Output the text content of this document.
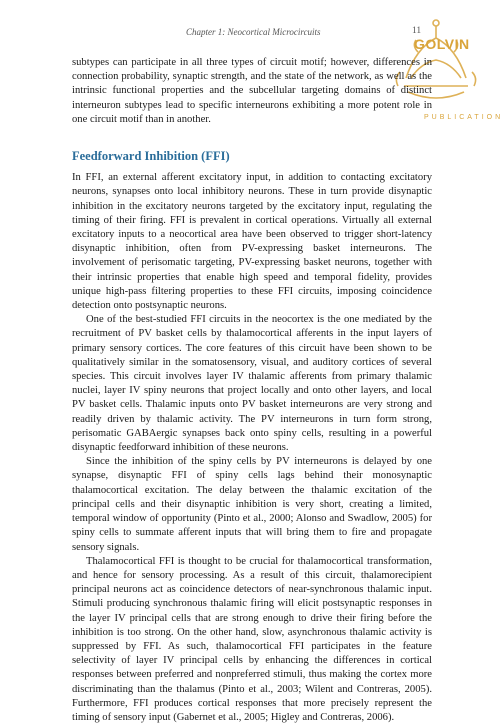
Chapter 1: Neocortical Microcircuits	11
GOLVIN
PUBLICATION

subtypes can participate in all three types of circuit motif; however, differences in connection probability, synaptic strength, and the state of the network, as well as the intrinsic functional properties and the subcellular targeting domains of distinct interneuron subtypes lead to specific interneurons exhibiting a more potent role in one circuit motif than in another.

Feedforward Inhibition (FFI)

In FFI, an external afferent excitatory input, in addition to contacting excitatory neurons, synapses onto local inhibitory neurons. These in turn provide disynaptic inhibition in the excitatory neurons targeted by the excitatory input, regulating the timing of their firing. FFI is prevalent in cortical operations. Virtually all external excitatory inputs to a neocortical area have been observed to trigger short-latency disynaptic inhibition, often from PV-expressing basket interneurons. The involvement of perisomatic targeting, PV-expressing basket neurons, together with their intrinsic properties that enable high speed and temporal fidelity, provides unique high-pass filtering properties to these FFI circuits, imposing coincidence detection onto postsynaptic neurons.

One of the best-studied FFI circuits in the neocortex is the one mediated by the recruitment of PV basket cells by thalamocortical afferents in the input layers of primary sensory cortices. The core features of this circuit have been shown to be qualitatively similar in the somatosensory, visual, and auditory cortices of several species. This circuit involves layer IV thalamic afferents from primary thalamic nuclei, layer IV spiny neurons that project locally and onto other layers, and local PV basket cells. Thalamic inputs onto PV basket interneurons are very strong and readily driven by thalamic activity. The PV interneurons in turn form strong, perisomatic GABAergic synapses back onto spiny cells, resulting in a powerful disynaptic feedforward inhibition of these neurons.

Since the inhibition of the spiny cells by PV interneurons is delayed by one synapse, disynaptic FFI of spiny cells lags behind their monosynaptic thalamocortical excitation. The delay between the thalamic excitation of the principal cells and their disynaptic inhibition is very short, creating a limited, temporal window of opportunity (Pinto et al., 2000; Alonso and Swadlow, 2005) for spiny cells to summate afferent inputs that will bring them to fire and propagate sensory signals.

Thalamocortical FFI is thought to be crucial for thalamocortical transformation, and hence for sensory processing. As a result of this circuit, thalamorecipient principal neurons act as coincidence detectors of near-synchronous thalamic input. Stimuli producing synchronous thalamic firing will elicit postsynaptic responses in the layer IV principal cells that are strong enough to drive their firing before the inhibition is too strong. On the other hand, slow, asynchronous thalamic activity is suppressed by FFI. As such, thalamocortical FFI participates in the feature selectivity of layer IV principal cells by enhancing the differences in cortical responses between preferred and nonpreferred stimuli, thus making the cortex more discriminating than the thalamus (Pinto et al., 2003; Wilent and Contreras, 2005). Furthermore, FFI produces cortical responses that more precisely represent the timing of sensory input (Gabernet et al., 2005; Higley and Contreras, 2006).
